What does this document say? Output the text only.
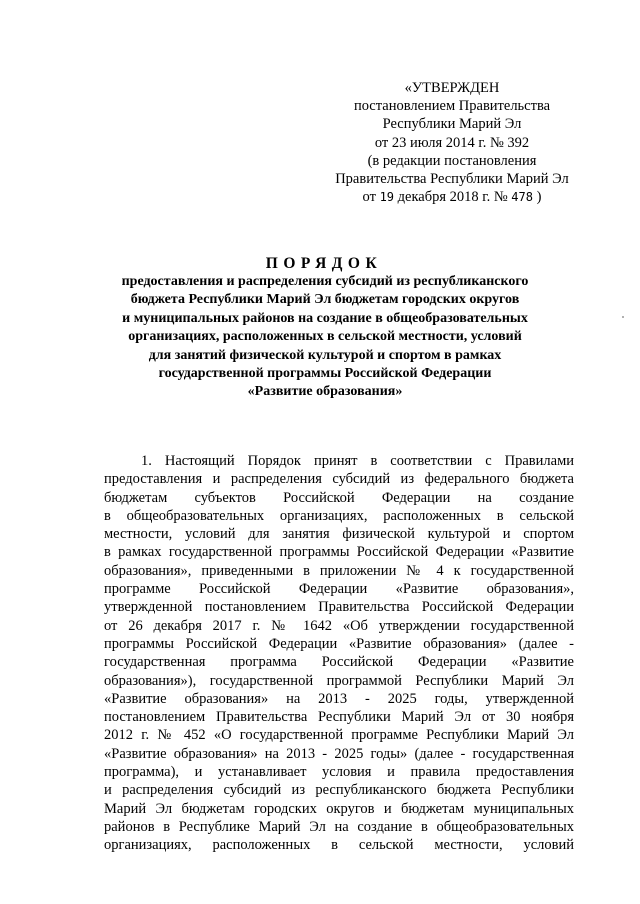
«УТВЕРЖДЕН
постановлением Правительства
Республики Марий Эл
от 23 июля 2014 г. № 392
(в редакции постановления
Правительства Республики Марий Эл
от 19 декабря 2018 г. № 478 )
ПОРЯДОК
предоставления и распределения субсидий из республиканского
бюджета Республики Марий Эл бюджетам городских округов
и муниципальных районов на создание в общеобразовательных
организациях, расположенных в сельской местности, условий
для занятий физической культурой и спортом в рамках
государственной программы Российской Федерации
«Развитие образования»
1. Настоящий Порядок принят в соответствии с Правилами
предоставления и распределения субсидий из федерального бюджета
бюджетам субъектов Российской Федерации на создание
в общеобразовательных организациях, расположенных в сельской
местности, условий для занятия физической культурой и спортом
в рамках государственной программы Российской Федерации «Развитие
образования», приведенными в приложении № 4 к государственной
программе Российской Федерации «Развитие образования»,
утвержденной постановлением Правительства Российской Федерации
от 26 декабря 2017 г. № 1642 «Об утверждении государственной
программы Российской Федерации «Развитие образования» (далее -
государственная программа Российской Федерации «Развитие
образования»), государственной программой Республики Марий Эл
«Развитие образования» на 2013 - 2025 годы, утвержденной
постановлением Правительства Республики Марий Эл от 30 ноября
2012 г. № 452 «О государственной программе Республики Марий Эл
«Развитие образования» на 2013 - 2025 годы» (далее - государственная
программа), и устанавливает условия и правила предоставления
и распределения субсидий из республиканского бюджета Республики
Марий Эл бюджетам городских округов и бюджетам муниципальных
районов в Республике Марий Эл на создание в общеобразовательных
организациях, расположенных в сельской местности, условий
